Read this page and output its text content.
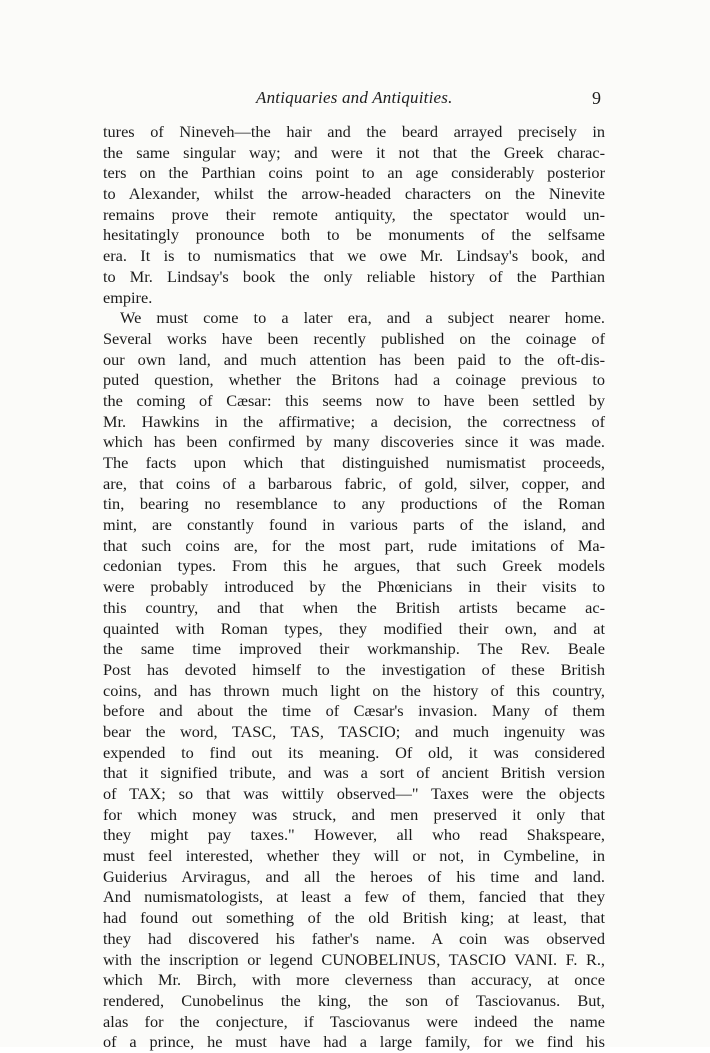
Antiquaries and Antiquities.	9
tures of Nineveh—the hair and the beard arrayed precisely in
the same singular way; and were it not that the Greek charac-
ters on the Parthian coins point to an age considerably posterior
to Alexander, whilst the arrow-headed characters on the Ninevite
remains prove their remote antiquity, the spectator would un-
hesitatingly pronounce both to be monuments of the selfsame
era. It is to numismatics that we owe Mr. Lindsay's book, and
to Mr. Lindsay's book the only reliable history of the Parthian
empire.
We must come to a later era, and a subject nearer home.
Several works have been recently published on the coinage of
our own land, and much attention has been paid to the oft-dis-
puted question, whether the Britons had a coinage previous to
the coming of Cæsar: this seems now to have been settled by
Mr. Hawkins in the affirmative; a decision, the correctness of
which has been confirmed by many discoveries since it was made.
The facts upon which that distinguished numismatist proceeds,
are, that coins of a barbarous fabric, of gold, silver, copper, and
tin, bearing no resemblance to any productions of the Roman
mint, are constantly found in various parts of the island, and
that such coins are, for the most part, rude imitations of Ma-
cedonian types. From this he argues, that such Greek models
were probably introduced by the Phœnicians in their visits to
this country, and that when the British artists became ac-
quainted with Roman types, they modified their own, and at
the same time improved their workmanship. The Rev. Beale
Post has devoted himself to the investigation of these British
coins, and has thrown much light on the history of this country,
before and about the time of Cæsar's invasion. Many of them
bear the word, TASC, TAS, TASCIO; and much ingenuity was
expended to find out its meaning. Of old, it was considered
that it signified tribute, and was a sort of ancient British version
of TAX; so that was wittily observed—" Taxes were the objects
for which money was struck, and men preserved it only that
they might pay taxes." However, all who read Shakspeare,
must feel interested, whether they will or not, in Cymbeline, in
Guiderius Arviragus, and all the heroes of his time and land.
And numismatologists, at least a few of them, fancied that they
had found out something of the old British king; at least, that
they had discovered his father's name. A coin was observed
with the inscription or legend CUNOBELINUS, TASCIO VANI. F. R.,
which Mr. Birch, with more cleverness than accuracy, at once
rendered, Cunobelinus the king, the son of Tasciovanus. But,
alas for the conjecture, if Tasciovanus were indeed the name
of a prince, he must have had a large family, for we find his
